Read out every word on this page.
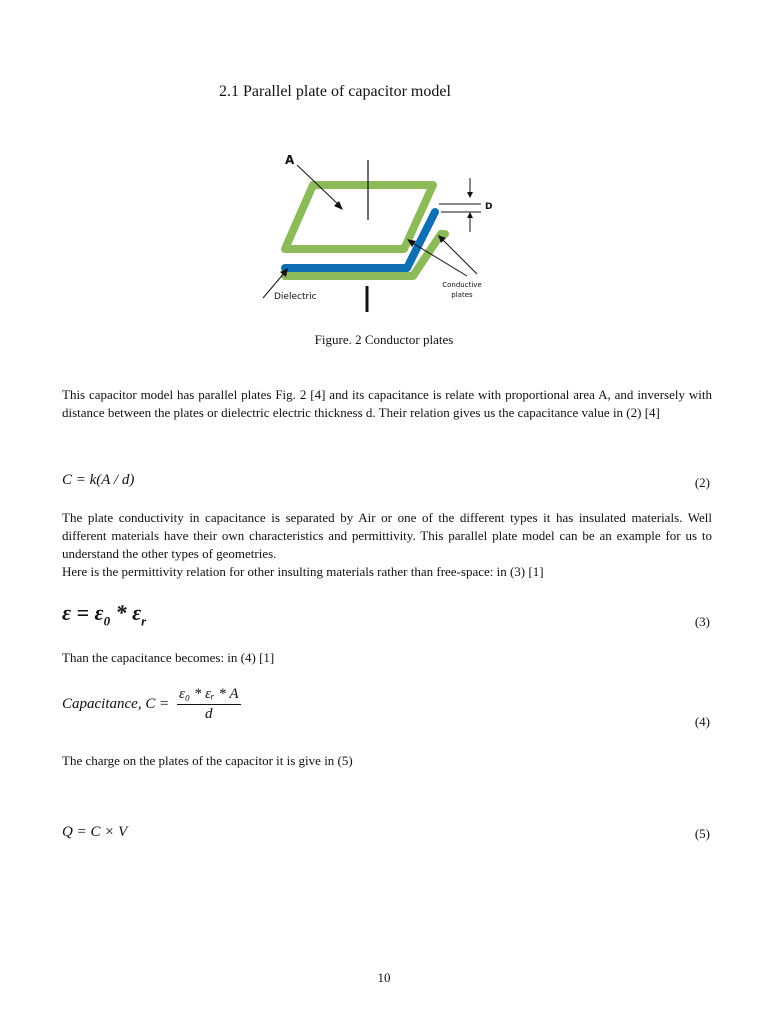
2.1 Parallel plate of capacitor model
A
D
Conductive
plates
Dielectric
Figure. 2 Conductor plates

This capacitor model has parallel plates Fig. 2 [4] and its capacitance is relate with proportional area A, and inversely with distance between the plates or dielectric electric thickness d. Their relation gives us the capacitance value in (2) [4]

C = k(A / d)	(2)

The plate conductivity in capacitance is separated by Air or one of the different types it has insulated materials. Well different materials have their own characteristics and permittivity. This parallel plate model can be an example for us to understand the other types of geometries.

Here is the permittivity relation for other insulting materials rather than free-space: in (3) [1]

$\varepsilon = \varepsilon_0 * \varepsilon_r$	(3)

Than the capacitance becomes: in (4) [1]

Capacitance, $C = \frac{\text{ε₀ * εᵣ * A}}{d}$	(4)

The charge on the plates of the capacitor it is give in (5)

Q = C × V	(5)
10
